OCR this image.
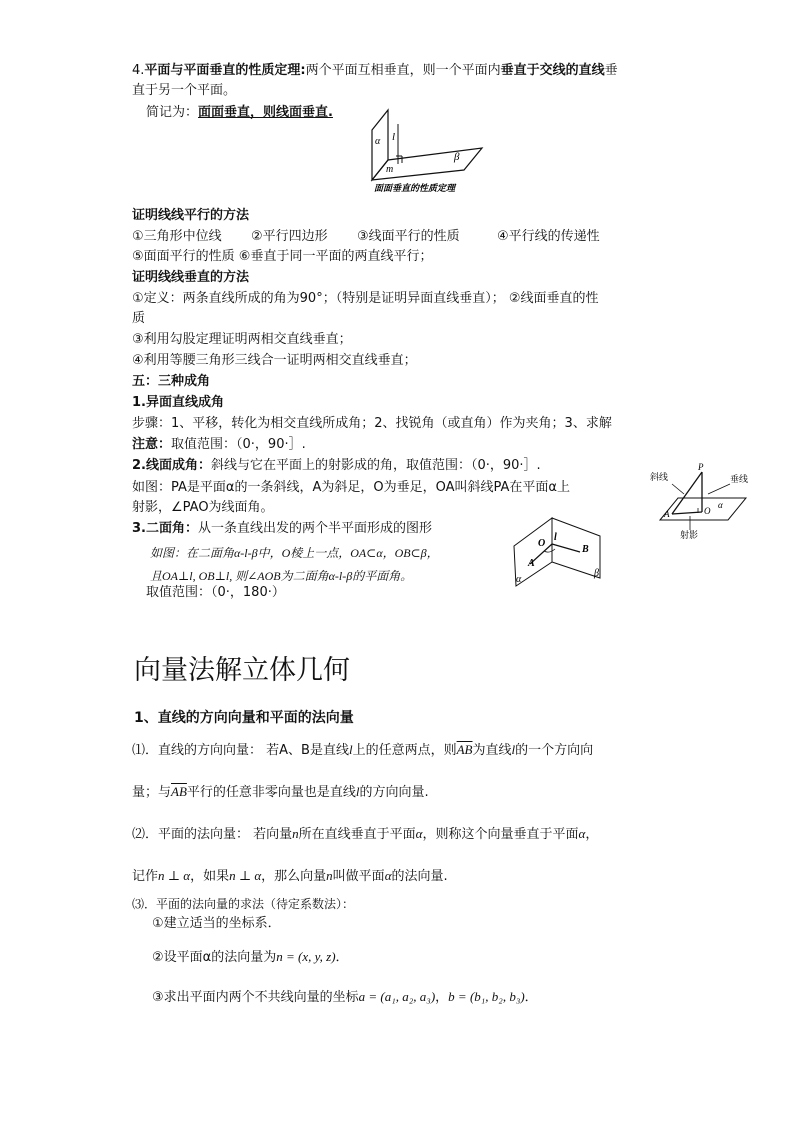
4.平面与平面垂直的性质定理:两个平面互相垂直，则一个平面内垂直于交线的直线垂
直于另一个平面。
简记为：面面垂直，则线面垂直.
α l
β
m
面面垂直的性质定理
证明线线平行的方法
①三角形中位线 ②平行四边形 ③线面平行的性质	④平行线的传递性
⑤面面平行的性质 ⑥垂直于同一平面的两直线平行；
证明线线垂直的方法
①定义：两条直线所成的角为90°；（特别是证明异面直线垂直）； ②线面垂直的性
质
③利用勾股定理证明两相交直线垂直；
④利用等腰三角形三线合一证明两相交直线垂直；
五：三种成角
1.异面直线成角
步骤：1、平移，转化为相交直线所成角；2、找锐角（或直角）作为夹角；3、求解
注意：取值范围：（0·，90·］.
2.线面成角：斜线与它在平面上的射影成的角，取值范围：（0·，90·］.
如图：PA是平面α的一条斜线，A为斜足，O为垂足，OA叫斜线PA在平面α上
射影，∠PAO为线面角。
斜线	垂线
射影
P
A	O
α
3.二面角：从一条直线出发的两个半平面形成的图形
如图：在二面角α-l-β中，O棱上一点，OA⊂α，OB⊂β，
且OA⊥l, OB⊥l, 则∠AOB为二面角α-l-β的平面角。
取值范围：（0·，180·）
O
l
A
B
α
β
向量法解立体几何
1、直线的方向向量和平面的法向量
⑴．直线的方向向量： 若A、B是直线l上的任意两点，则$\overline{AB}$为直线l的一个方向向
量；与$\overline{AB}$平行的任意非零向量也是直线l的方向向量.
⑵．平面的法向量： 若向量n所在直线垂直于平面α，则称这个向量垂直于平面α，
记作n ⊥ α，如果n ⊥ α，那么向量n叫做平面α的法向量.
⑶．平面的法向量的求法（待定系数法）：
①建立适当的坐标系．
②设平面α的法向量为n = (x, y, z)．
③求出平面内两个不共线向量的坐标a = (a₁, a₂, a₃)，b = (b₁, b₂, b₃)．
